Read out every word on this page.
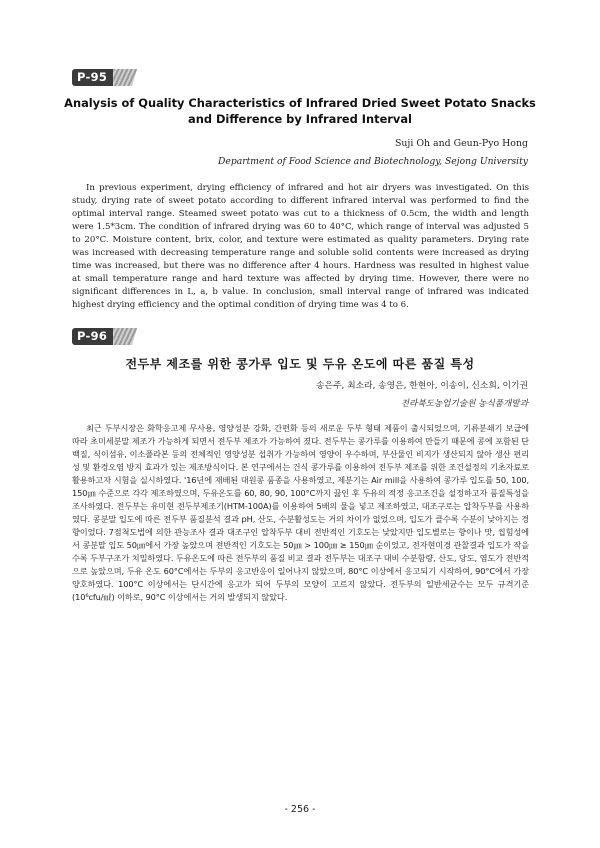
P-95
Analysis of Quality Characteristics of Infrared Dried Sweet Potato Snacks and Difference by Infrared Interval
Suji Oh and Geun-Pyo Hong
Department of Food Science and Biotechnology, Sejong University

In previous experiment, drying efficiency of infrared and hot air dryers was investigated. On this study, drying rate of sweet potato according to different infrared interval was performed to find the optimal interval range. Steamed sweet potato was cut to a thickness of 0.5cm, the width and length were 1.5*3cm. The condition of infrared drying was 60 to 40°C, which range of interval was adjusted 5 to 20°C. Moisture content, brix, color, and texture were estimated as quality parameters. Drying rate was increased with decreasing temperature range and soluble solid contents were increased as drying time was increased, but there was no difference after 4 hours. Hardness was resulted in highest value at small temperature range and hard texture was affected by drying time. However, there were no significant differences in L, a, b value. In conclusion, small interval range of infrared was indicated highest drying efficiency and the optimal condition of drying time was 4 to 6.

P-96
전두부 제조를 위한 콩가루 입도 및 두유 온도에 따른 품질 특성
송은주, 최소라, 송영은, 한현아, 이송이, 신소희, 이기권
전라북도농업기술원 농식품개발과

최근 두부시장은 화학응고제 무사용, 영양성분 강화, 간편화 등의 새로운 두부 형태 제품이 출시되었으며, 기류분쇄기 보급에 따라 초미세분말 제조가 가능하게 되면서 전두부 제조가 가능하여 졌다. 전두부는 콩가루를 이용하여 만들기 때문에 콩에 포함된 단백질, 식이섬유, 이소플라본 등의 전체적인 영양성분 섭취가 가능하여 영양이 우수하며, 부산물인 비지가 생산되지 않아 생산 편리성 및 환경오염 방지 효과가 있는 제조방식이다. 본 연구에서는 건식 콩가루를 이용하여 전두부 제조를 위한 조건설정의 기초자료로 활용하고자 시험을 실시하였다. '16년에 재배된 대원콩 품종을 사용하였고, 제분기는 Air mill을 사용하여 콩가루 입도를 50, 100, 150㎛ 수준으로 각각 제조하였으며, 두유온도를 60, 80, 90, 100°C까지 끓인 후 두유의 적정 응고조건을 설정하고자 품질특성을 조사하였다. 전두부는 유미현 전두부제조기(HTM-100A)를 이용하여 5배의 물을 넣고 제조하였고, 대조구로는 압착두부를 사용하였다. 콩분말 입도에 따른 전두부 품질분석 결과 pH, 산도, 수분활성도는 거의 차이가 없었으며, 입도가 클수록 수분이 낮아지는 경향이었다. 7점척도법에 의한 관능조사 결과 대조구인 압착두부 대비 전반적인 기호도는 낮았지만 입도별로는 향이나 맛, 씹힘성에서 콩분말 입도 50㎛에서 가장 높았으며 전반적인 기호도는 50㎛ > 100㎛ ≥ 150㎛ 순이었고, 전자현미경 관찰결과 입도가 작을수록 두부구조가 치밀하였다. 두유온도에 따른 전두부의 품질 비교 결과 전두부는 대조구 대비 수분함량, 산도, 당도, 염도가 전반적으로 높았으며, 두유 온도 60°C에서는 두부의 응고반응이 일어나지 않았으며, 80°C 이상에서 응고되기 시작하여, 90°C에서 가장 양호하였다. 100°C 이상에서는 단시간에 응고가 되어 두부의 모양이 고르지 않았다. 전두부의 일반세균수는 모두 규격기준(10⁶cfu/㎖) 이하로, 90°C 이상에서는 거의 발생되지 않았다.

- 256 -
